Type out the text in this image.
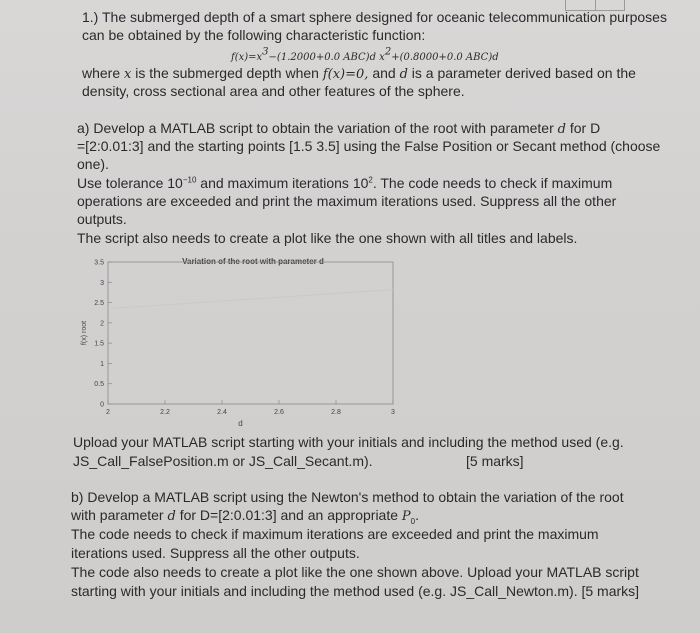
1.) The submerged depth of a smart sphere designed for oceanic telecommunication purposes
can be obtained by the following characteristic function:
$f(x)=x^3-(1.2000+0.0$ ABC)d $x^2+(0.8000+0.0$ ABC)d
where x is the submerged depth when f(x)=0, and d is a parameter derived based on the
density, cross sectional area and other features of the sphere.
a) Develop a MATLAB script to obtain the variation of the root with parameter d for D
=[2:0.01:3] and the starting points [1.5 3.5] using the False Position or Secant method (choose
one).
Use tolerance $10^{-10}$ and maximum iterations $10^2$. The code needs to check if maximum
operations are exceeded and print the maximum iterations used. Suppress all the other
outputs.
The script also needs to create a plot like the one shown with all titles and labels.
Variation of the root with parameter d
0
0.5
1
1.5
2
2.5
3
3.5
2	2.2	2.4	2.6	2.8	3
d
f(x) root
Upload your MATLAB script starting with your initials and including the method used (e.g.
JS_Call_FalsePosition.m or JS_Call_Secant.m).	[5 marks]
b) Develop a MATLAB script using the Newton's method to obtain the variation of the root
with parameter d for D=[2:0.01:3] and an appropriate $P_0$.
The code needs to check if maximum iterations are exceeded and print the maximum
iterations used. Suppress all the other outputs.
The code also needs to create a plot like the one shown above. Upload your MATLAB script
starting with your initials and including the method used (e.g. JS_Call_Newton.m). [5 marks]
